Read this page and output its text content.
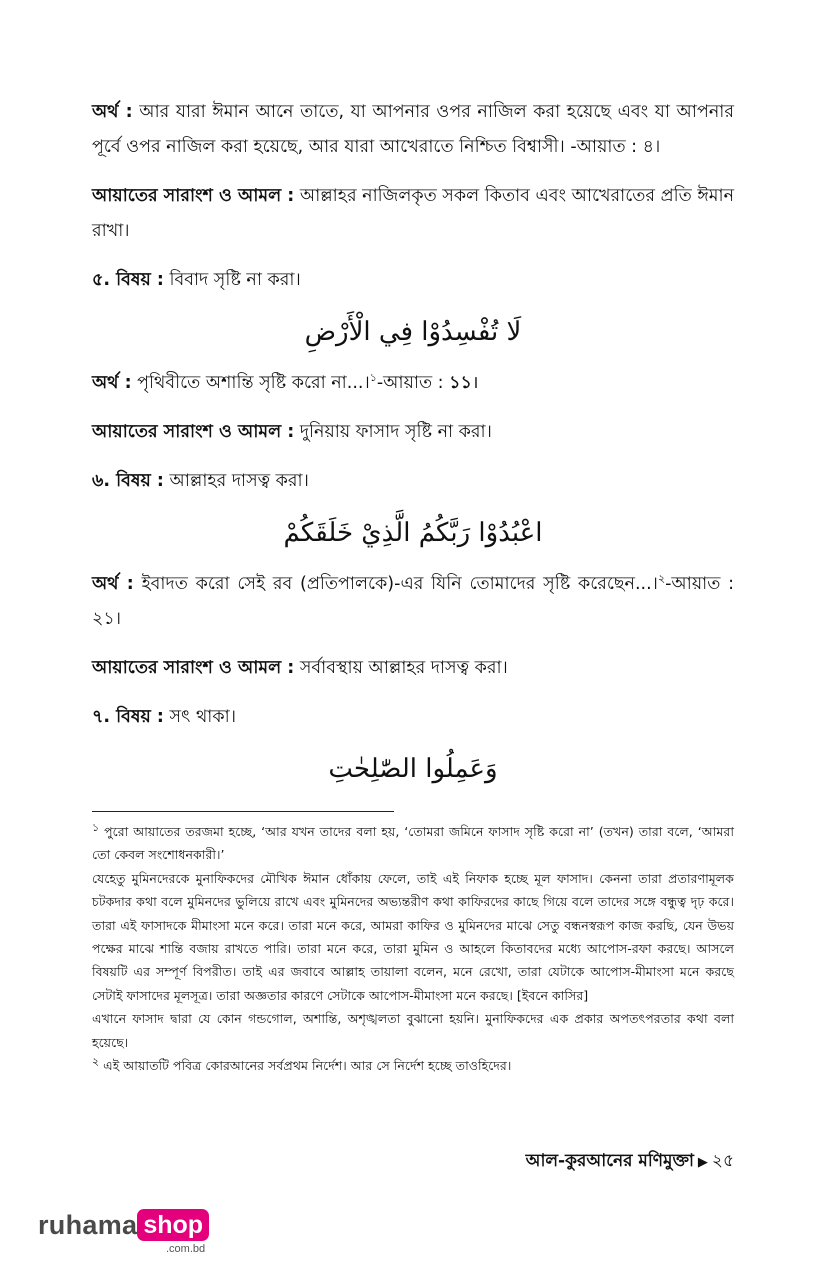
অর্থ : আর যারা ঈমান আনে তাতে, যা আপনার ওপর নাজিল করা হয়েছে এবং যা আপনার পূর্বে ওপর নাজিল করা হয়েছে, আর যারা আখেরাতে নিশ্চিত বিশ্বাসী। -আয়াত : ৪।

আয়াতের সারাংশ ও আমল : আল্লাহর নাজিলকৃত সকল কিতাব এবং আখেরাতের প্রতি ঈমান রাখা।

৫. বিষয় : বিবাদ সৃষ্টি না করা।

لَا تُفْسِدُوْا فِي الْأَرْضِ

অর্থ : পৃথিবীতে অশান্তি সৃষ্টি করো না...।$^১$-আয়াত : ১১।

আয়াতের সারাংশ ও আমল : দুনিয়ায় ফাসাদ সৃষ্টি না করা।

৬. বিষয় : আল্লাহর দাসত্ব করা।

اعْبُدُوْا رَبَّكُمُ الَّذِيْ خَلَقَكُمْ

অর্থ : ইবাদত করো সেই রব (প্রতিপালকে)-এর যিনি তোমাদের সৃষ্টি করেছেন...।$^২$-আয়াত : ২১।

আয়াতের সারাংশ ও আমল : সর্বাবস্থায় আল্লাহর দাসত্ব করা।

৭. বিষয় : সৎ থাকা।

وَعَمِلُوا الصّٰلِحٰتِ

১ পুরো আয়াতের তরজমা হচ্ছে, ‘আর যখন তাদের বলা হয়, ‘তোমরা জমিনে ফাসাদ সৃষ্টি করো না’ (তখন) তারা বলে, ‘আমরা তো কেবল সংশোধনকারী।’

যেহেতু মুমিনদেরকে মুনাফিকদের মৌখিক ঈমান ধোঁকায় ফেলে, তাই এই নিফাক হচ্ছে মূল ফাসাদ। কেননা তারা প্রতারণামূলক চটকদার কথা বলে মুমিনদের ভুলিয়ে রাখে এবং মুমিনদের অভ্যন্তরীণ কথা কাফিরদের কাছে গিয়ে বলে তাদের সঙ্গে বন্ধুত্ব দৃঢ় করে। তারা এই ফাসাদকে মীমাংসা মনে করে। তারা মনে করে, আমরা কাফির ও মুমিনদের মাঝে সেতু বন্ধনস্বরূপ কাজ করছি, যেন উভয় পক্ষের মাঝে শান্তি বজায় রাখতে পারি। তারা মনে করে, তারা মুমিন ও আহলে কিতাবদের মধ্যে আপোস-রফা করছে। আসলে বিষয়টি এর সম্পূর্ণ বিপরীত। তাই এর জবাবে আল্লাহ তায়ালা বলেন, মনে রেখো, তারা যেটাকে আপোস-মীমাংসা মনে করছে সেটাই ফাসাদের মূলসূত্র। তারা অজ্ঞতার কারণে সেটাকে আপোস-মীমাংসা মনে করছে। [ইবনে কাসির]

এখানে ফাসাদ দ্বারা যে কোন গন্ডগোল, অশান্তি, অশৃঙ্খলতা বুঝানো হয়নি। মুনাফিকদের এক প্রকার অপতৎপরতার কথা বলা হয়েছে।

২ এই আয়াতটি পবিত্র কোরআনের সর্বপ্রথম নির্দেশ। আর সে নির্দেশ হচ্ছে তাওহিদের।

আল-কুরআনের মণিমুক্তা ▶ ২৫
ruhama shop
.com.bd
